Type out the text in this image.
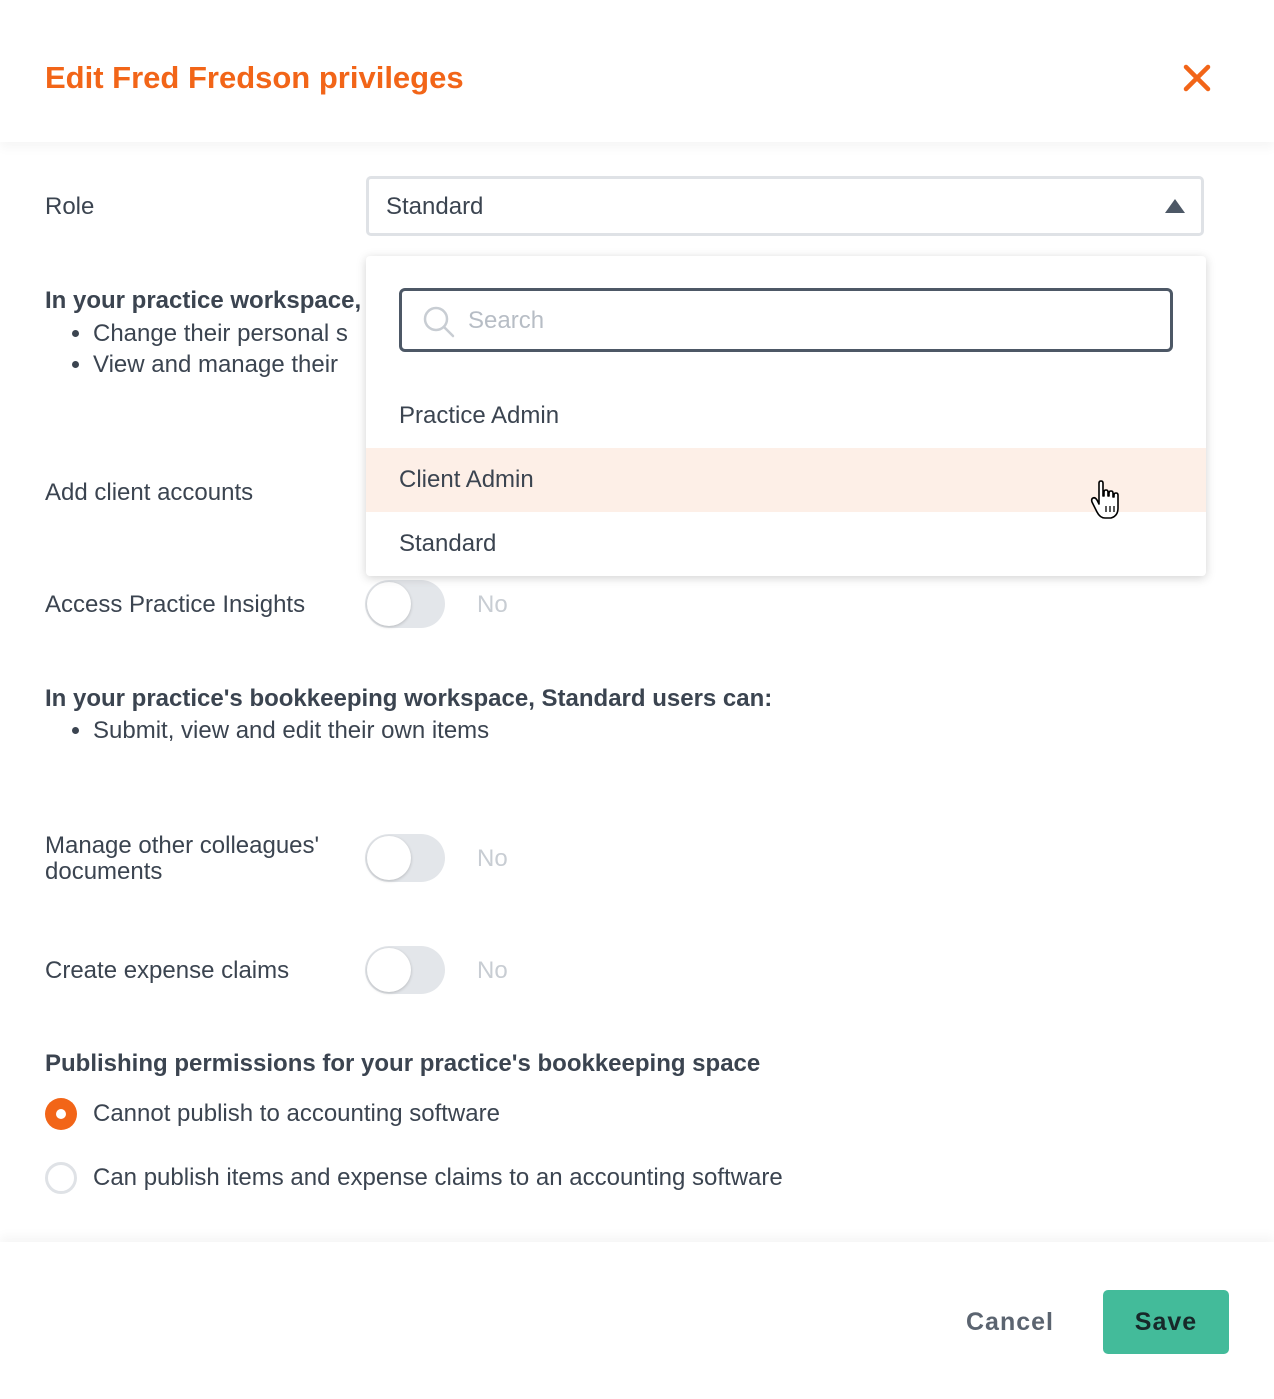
Edit Fred Fredson privileges
Role	Standard
In your practice workspace,
• Change their personal s
• View and manage their
Add client accounts
Access Practice Insights	No
In your practice's bookkeeping workspace, Standard users can:
• Submit, view and edit their own items
Manage other colleagues'
documents	No
Create expense claims	No
Publishing permissions for your practice's bookkeeping space
Cannot publish to accounting software
Can publish items and expense claims to an accounting software
Search
Practice Admin
Client Admin
Standard
Cancel	Save
